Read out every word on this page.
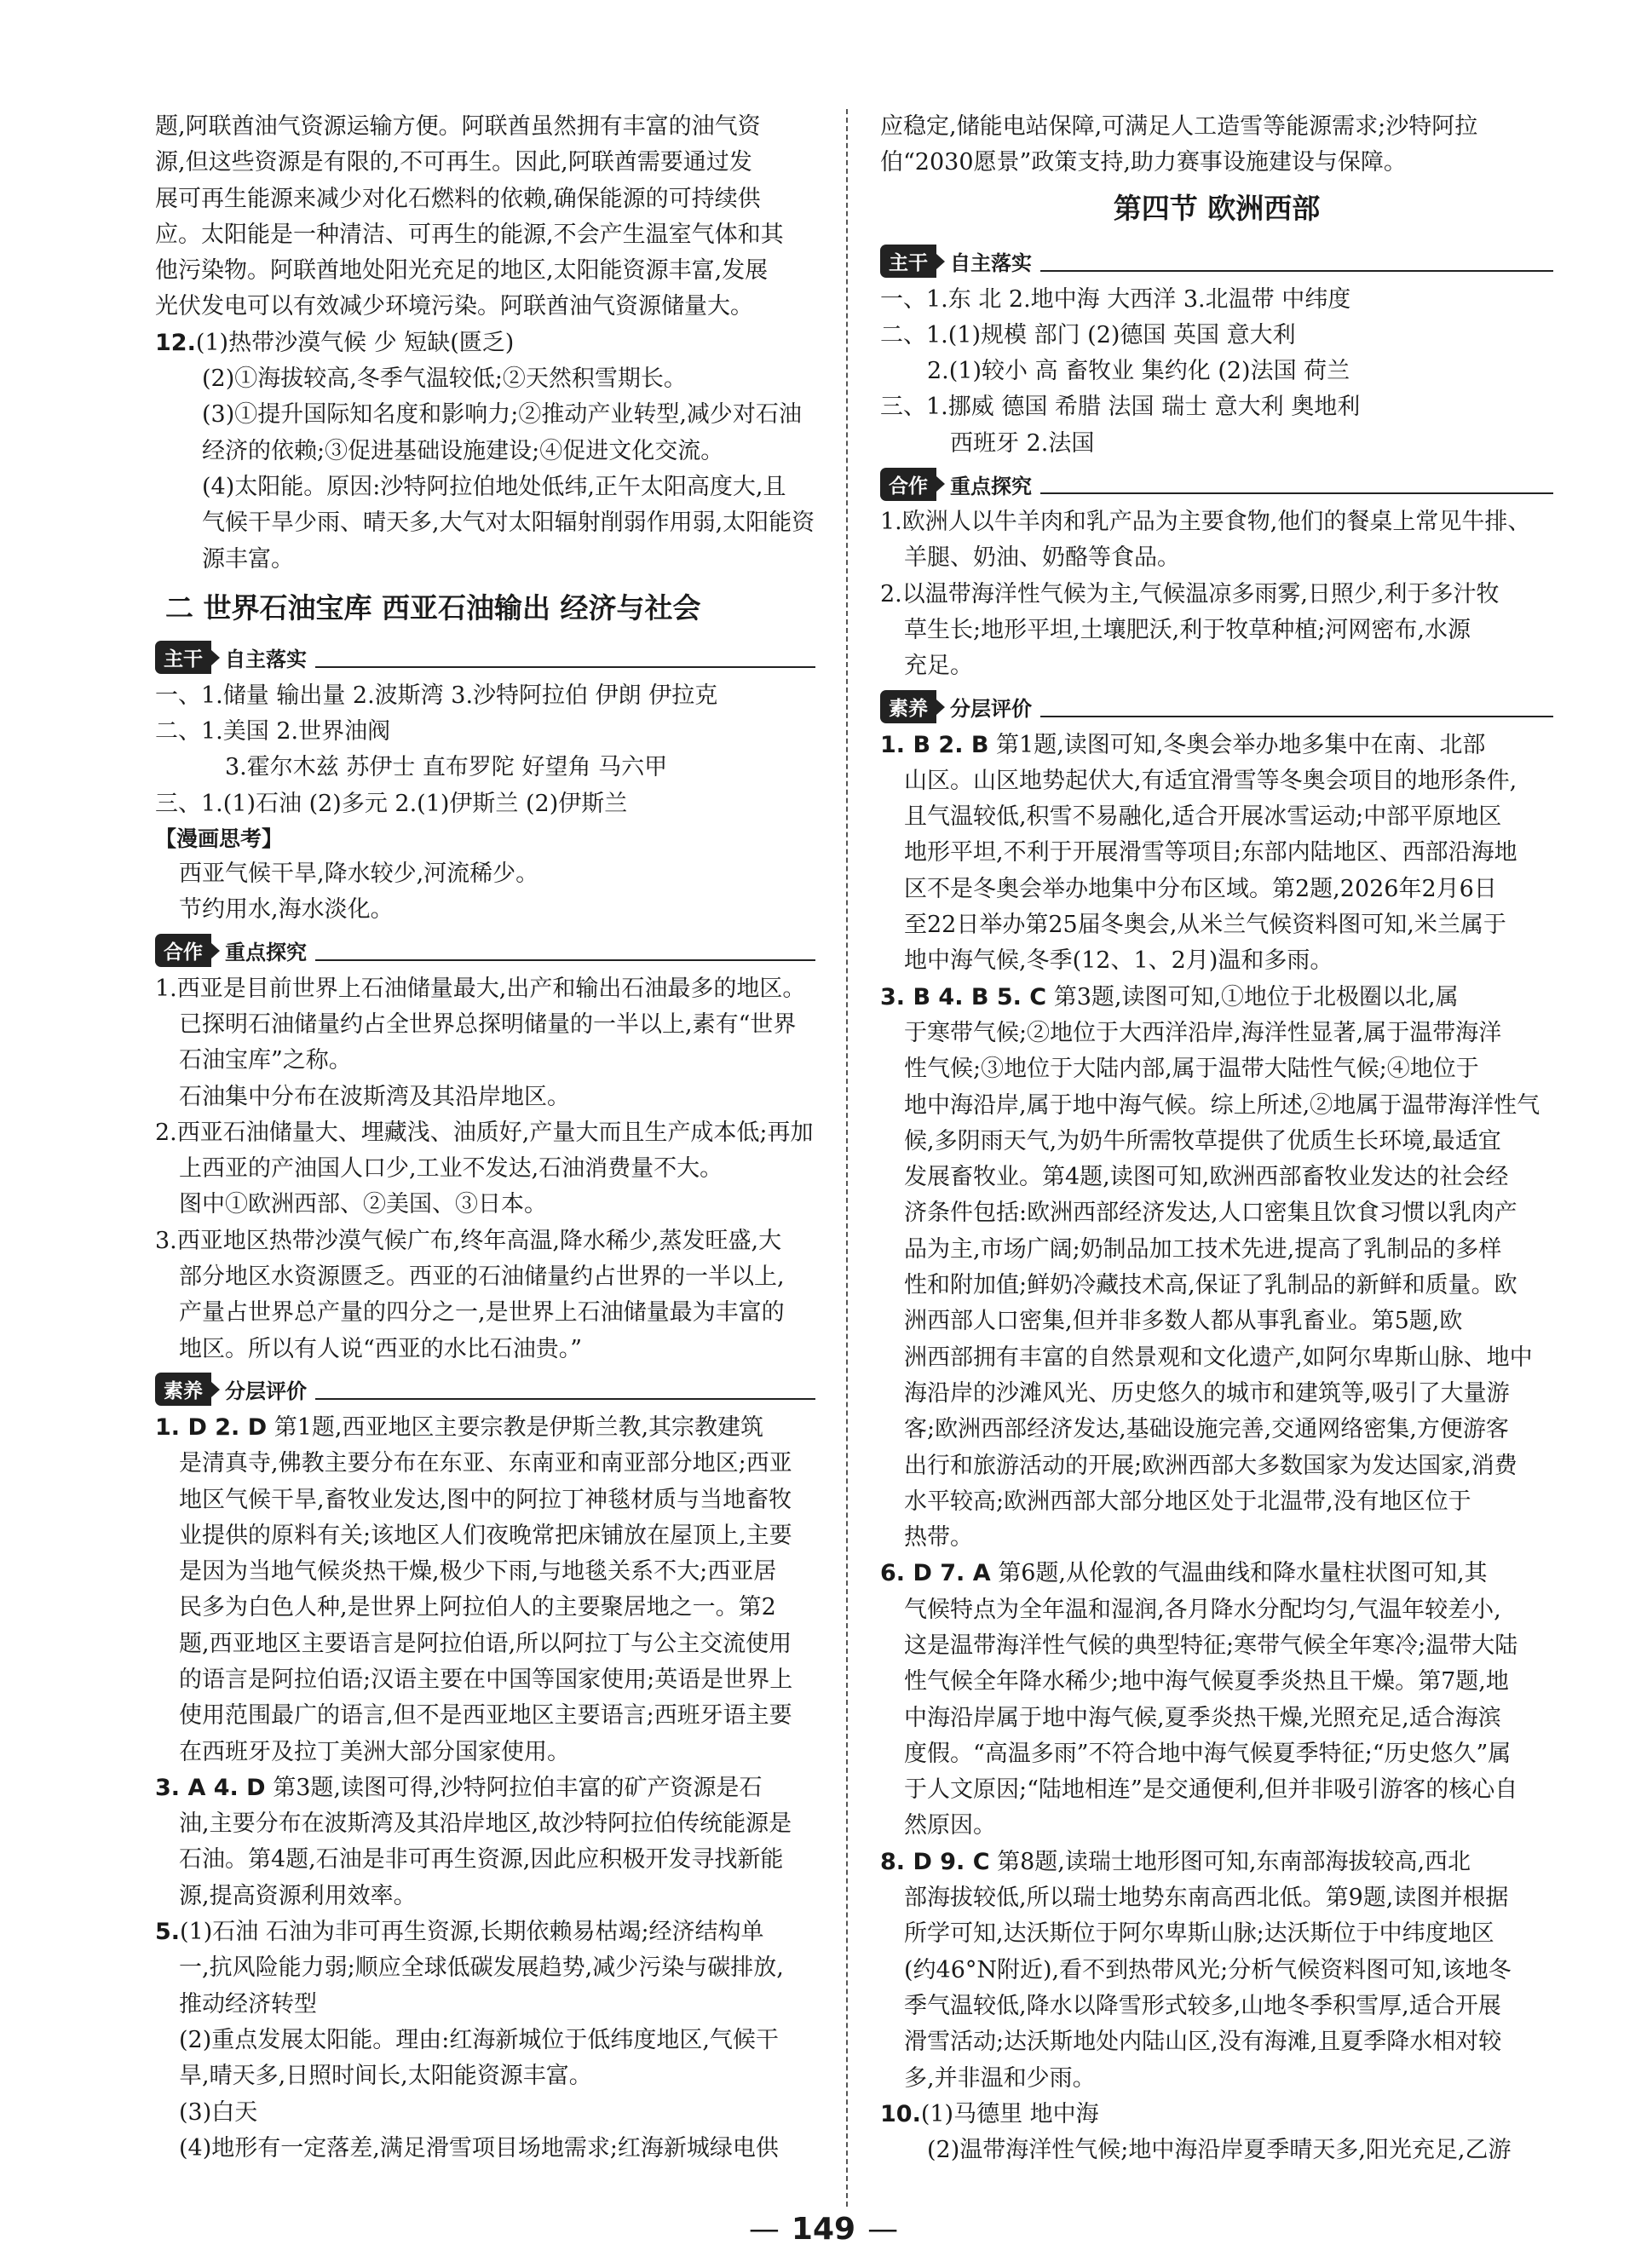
题,阿联酋油气资源运输方便。阿联酋虽然拥有丰富的油气资
源,但这些资源是有限的,不可再生。因此,阿联酋需要通过发
展可再生能源来减少对化石燃料的依赖,确保能源的可持续供
应。太阳能是一种清洁、可再生的能源,不会产生温室气体和其
他污染物。阿联酋地处阳光充足的地区,太阳能资源丰富,发展
光伏发电可以有效减少环境污染。阿联酋油气资源储量大。
12.(1)热带沙漠气候 少 短缺(匮乏)
(2)①海拔较高,冬季气温较低;②天然积雪期长。
(3)①提升国际知名度和影响力;②推动产业转型,减少对石油
经济的依赖;③促进基础设施建设;④促进文化交流。
(4)太阳能。原因:沙特阿拉伯地处低纬,正午太阳高度大,且
气候干旱少雨、晴天多,大气对太阳辐射削弱作用弱,太阳能资
源丰富。
二 世界石油宝库 西亚石油输出 经济与社会
主干	自主落实
一、1.储量 输出量 2.波斯湾 3.沙特阿拉伯 伊朗 伊拉克
二、1.美国 2.世界油阀
3.霍尔木兹 苏伊士 直布罗陀 好望角 马六甲
三、1.(1)石油 (2)多元 2.(1)伊斯兰 (2)伊斯兰
【漫画思考】
西亚气候干旱,降水较少,河流稀少。
节约用水,海水淡化。
合作	重点探究
1.西亚是目前世界上石油储量最大,出产和输出石油最多的地区。
已探明石油储量约占全世界总探明储量的一半以上,素有“世界
石油宝库”之称。
石油集中分布在波斯湾及其沿岸地区。
2.西亚石油储量大、埋藏浅、油质好,产量大而且生产成本低;再加
上西亚的产油国人口少,工业不发达,石油消费量不大。
图中①欧洲西部、②美国、③日本。
3.西亚地区热带沙漠气候广布,终年高温,降水稀少,蒸发旺盛,大
部分地区水资源匮乏。西亚的石油储量约占世界的一半以上,
产量占世界总产量的四分之一,是世界上石油储量最为丰富的
地区。所以有人说“西亚的水比石油贵。”
素养	分层评价
1. D 2. D 第1题,西亚地区主要宗教是伊斯兰教,其宗教建筑
是清真寺,佛教主要分布在东亚、东南亚和南亚部分地区;西亚
地区气候干旱,畜牧业发达,图中的阿拉丁神毯材质与当地畜牧
业提供的原料有关;该地区人们夜晚常把床铺放在屋顶上,主要
是因为当地气候炎热干燥,极少下雨,与地毯关系不大;西亚居
民多为白色人种,是世界上阿拉伯人的主要聚居地之一。第2
题,西亚地区主要语言是阿拉伯语,所以阿拉丁与公主交流使用
的语言是阿拉伯语;汉语主要在中国等国家使用;英语是世界上
使用范围最广的语言,但不是西亚地区主要语言;西班牙语主要
在西班牙及拉丁美洲大部分国家使用。
3. A 4. D 第3题,读图可得,沙特阿拉伯丰富的矿产资源是石
油,主要分布在波斯湾及其沿岸地区,故沙特阿拉伯传统能源是
石油。第4题,石油是非可再生资源,因此应积极开发寻找新能
源,提高资源利用效率。
5.(1)石油 石油为非可再生资源,长期依赖易枯竭;经济结构单
一,抗风险能力弱;顺应全球低碳发展趋势,减少污染与碳排放,
推动经济转型
(2)重点发展太阳能。理由:红海新城位于低纬度地区,气候干
旱,晴天多,日照时间长,太阳能资源丰富。
(3)白天
(4)地形有一定落差,满足滑雪项目场地需求;红海新城绿电供
应稳定,储能电站保障,可满足人工造雪等能源需求;沙特阿拉
伯“2030愿景”政策支持,助力赛事设施建设与保障。
第四节 欧洲西部
主干	自主落实
一、1.东 北 2.地中海 大西洋 3.北温带 中纬度
二、1.(1)规模 部门 (2)德国 英国 意大利
2.(1)较小 高 畜牧业 集约化 (2)法国 荷兰
三、1.挪威 德国 希腊 法国 瑞士 意大利 奥地利
西班牙 2.法国
合作	重点探究
1.欧洲人以牛羊肉和乳产品为主要食物,他们的餐桌上常见牛排、
羊腿、奶油、奶酪等食品。
2.以温带海洋性气候为主,气候温凉多雨雾,日照少,利于多汁牧
草生长;地形平坦,土壤肥沃,利于牧草种植;河网密布,水源
充足。
素养	分层评价
1. B 2. B 第1题,读图可知,冬奥会举办地多集中在南、北部
山区。山区地势起伏大,有适宜滑雪等冬奥会项目的地形条件,
且气温较低,积雪不易融化,适合开展冰雪运动;中部平原地区
地形平坦,不利于开展滑雪等项目;东部内陆地区、西部沿海地
区不是冬奥会举办地集中分布区域。第2题,2026年2月6日
至22日举办第25届冬奥会,从米兰气候资料图可知,米兰属于
地中海气候,冬季(12、1、2月)温和多雨。
3. B 4. B 5. C 第3题,读图可知,①地位于北极圈以北,属
于寒带气候;②地位于大西洋沿岸,海洋性显著,属于温带海洋
性气候;③地位于大陆内部,属于温带大陆性气候;④地位于
地中海沿岸,属于地中海气候。综上所述,②地属于温带海洋性气
候,多阴雨天气,为奶牛所需牧草提供了优质生长环境,最适宜
发展畜牧业。第4题,读图可知,欧洲西部畜牧业发达的社会经
济条件包括:欧洲西部经济发达,人口密集且饮食习惯以乳肉产
品为主,市场广阔;奶制品加工技术先进,提高了乳制品的多样
性和附加值;鲜奶冷藏技术高,保证了乳制品的新鲜和质量。欧
洲西部人口密集,但并非多数人都从事乳畜业。第5题,欧
洲西部拥有丰富的自然景观和文化遗产,如阿尔卑斯山脉、地中
海沿岸的沙滩风光、历史悠久的城市和建筑等,吸引了大量游
客;欧洲西部经济发达,基础设施完善,交通网络密集,方便游客
出行和旅游活动的开展;欧洲西部大多数国家为发达国家,消费
水平较高;欧洲西部大部分地区处于北温带,没有地区位于
热带。
6. D 7. A 第6题,从伦敦的气温曲线和降水量柱状图可知,其
气候特点为全年温和湿润,各月降水分配均匀,气温年较差小,
这是温带海洋性气候的典型特征;寒带气候全年寒冷;温带大陆
性气候全年降水稀少;地中海气候夏季炎热且干燥。第7题,地
中海沿岸属于地中海气候,夏季炎热干燥,光照充足,适合海滨
度假。“高温多雨”不符合地中海气候夏季特征;“历史悠久”属
于人文原因;“陆地相连”是交通便利,但并非吸引游客的核心自
然原因。
8. D 9. C 第8题,读瑞士地形图可知,东南部海拔较高,西北
部海拔较低,所以瑞士地势东南高西北低。第9题,读图并根据
所学可知,达沃斯位于阿尔卑斯山脉;达沃斯位于中纬度地区
(约46°N附近),看不到热带风光;分析气候资料图可知,该地冬
季气温较低,降水以降雪形式较多,山地冬季积雪厚,适合开展
滑雪活动;达沃斯地处内陆山区,没有海滩,且夏季降水相对较
多,并非温和少雨。
10.(1)马德里 地中海
(2)温带海洋性气候;地中海沿岸夏季晴天多,阳光充足,乙游
— 149 —
